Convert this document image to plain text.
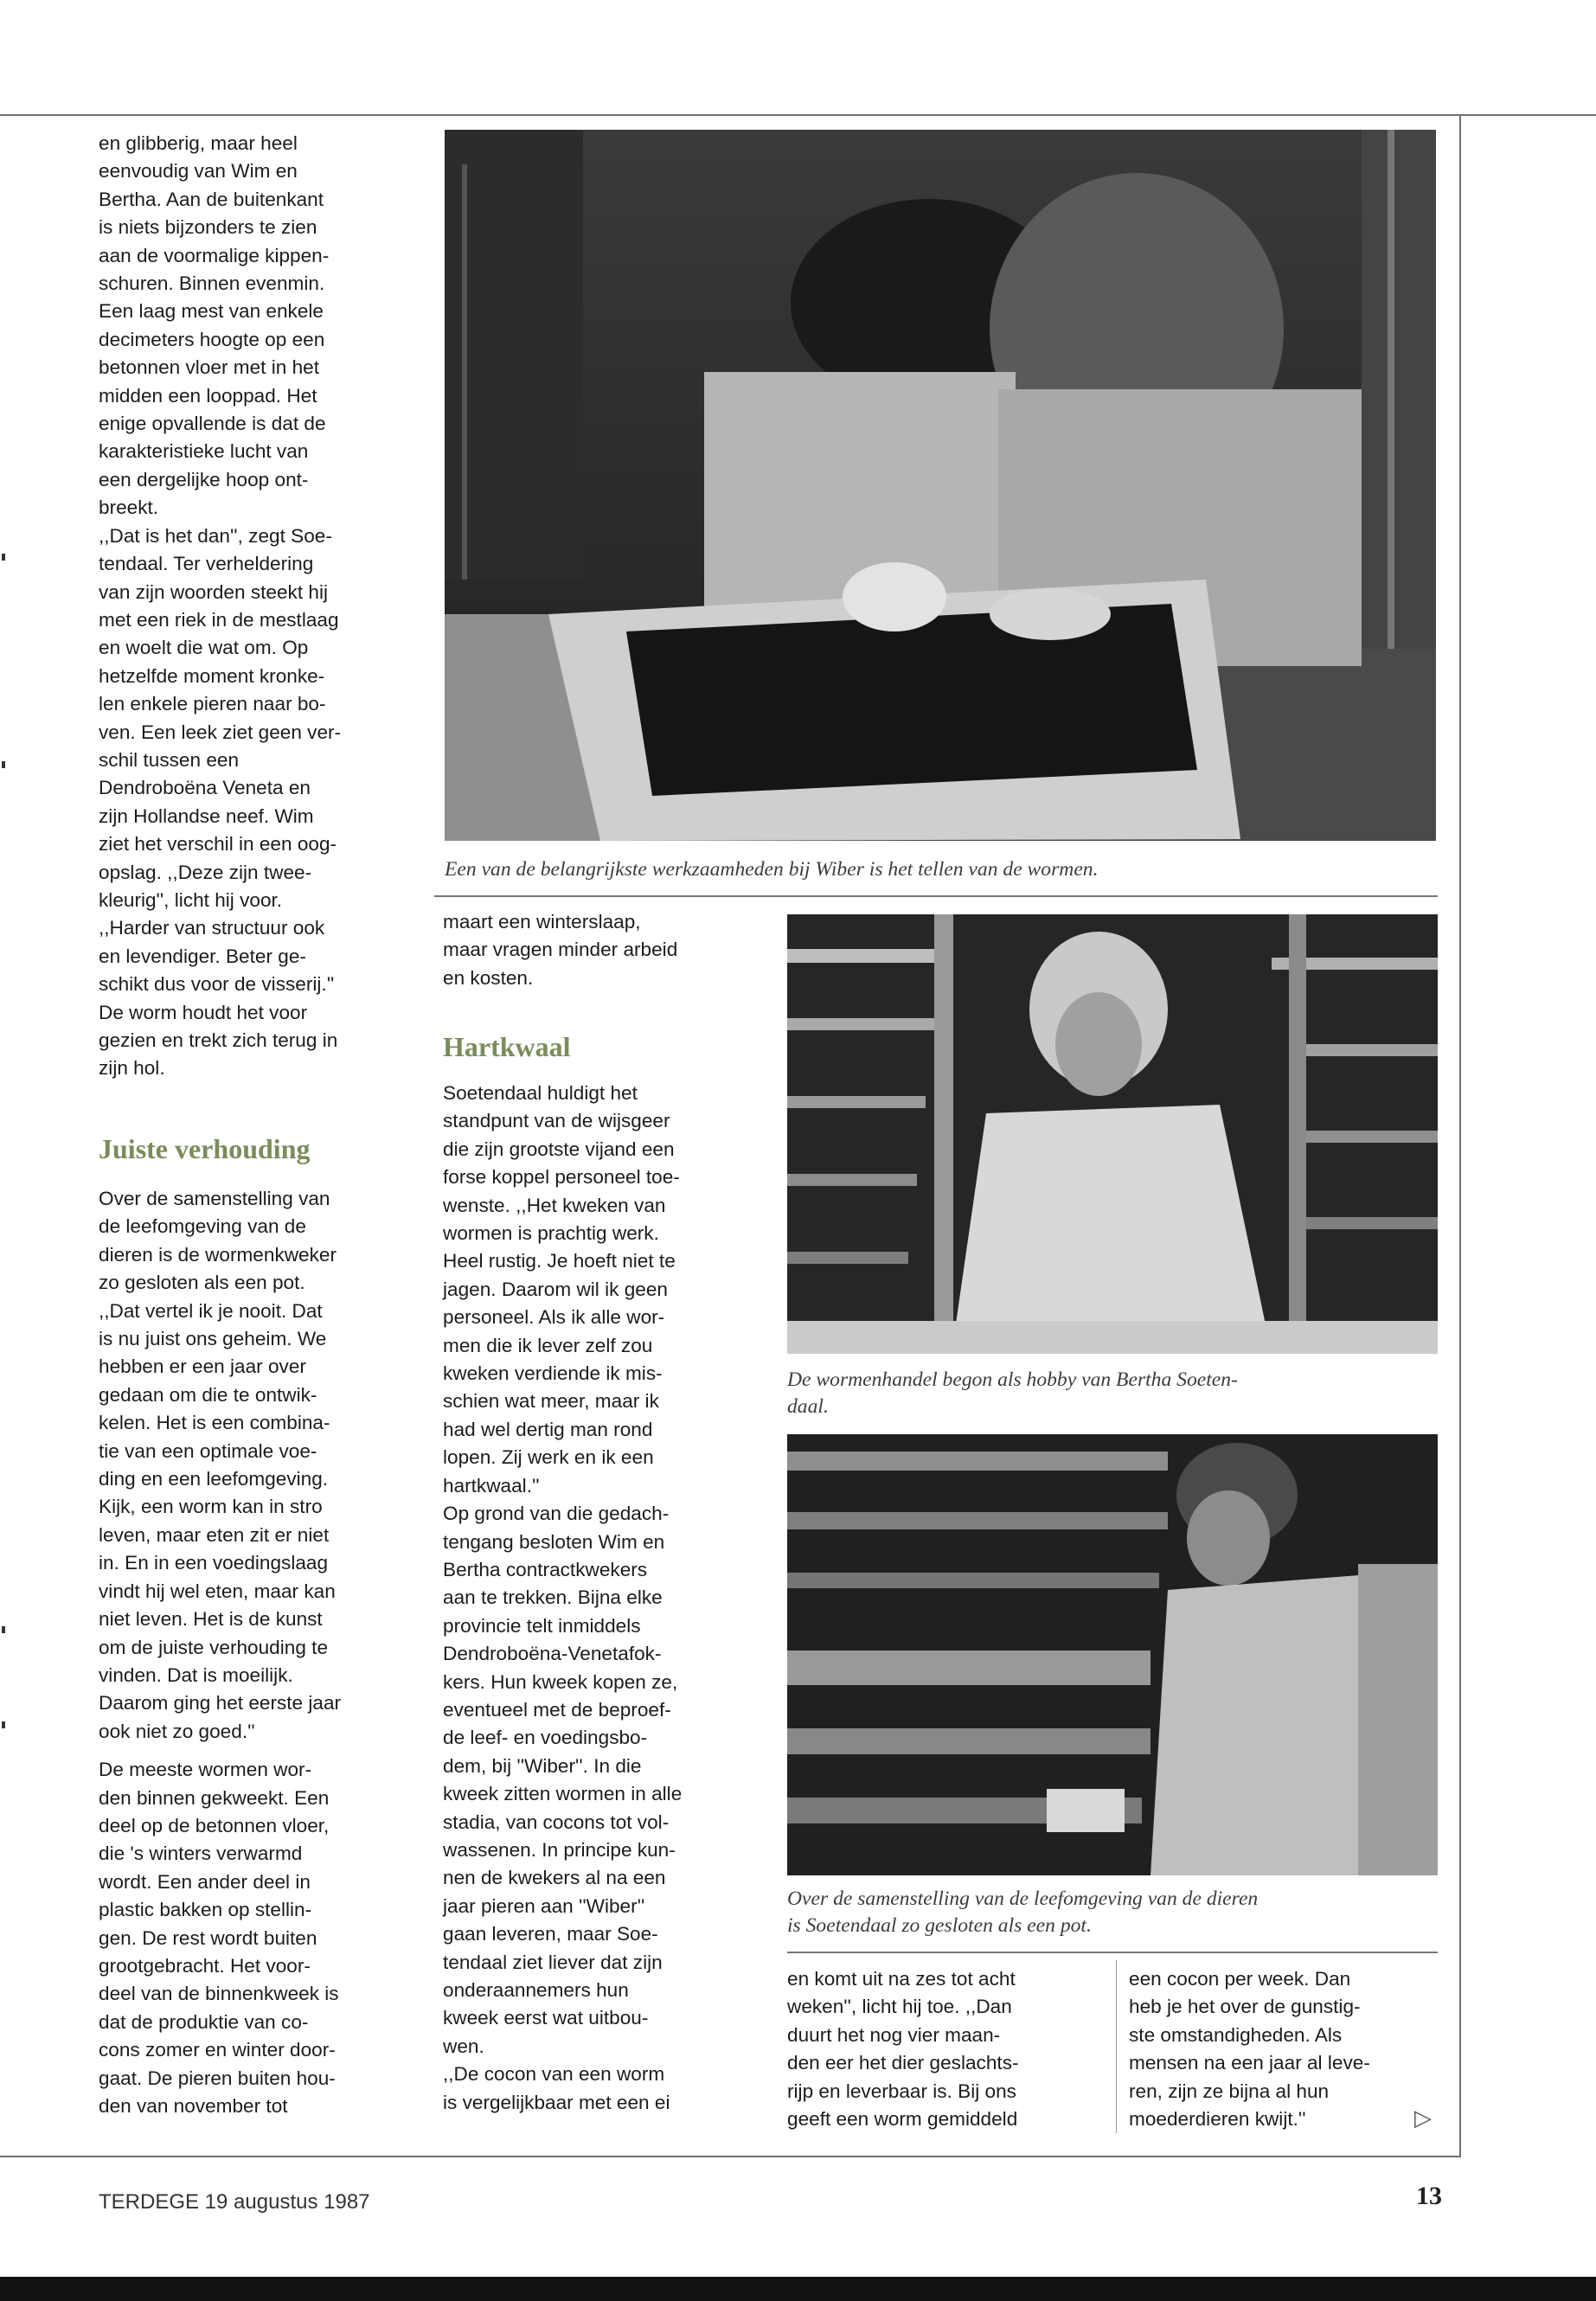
en glibberig, maar heel
eenvoudig van Wim en
Bertha. Aan de buitenkant
is niets bijzonders te zien
aan de voormalige kippen-
schuren. Binnen evenmin.
Een laag mest van enkele
decimeters hoogte op een
betonnen vloer met in het
midden een looppad. Het
enige opvallende is dat de
karakteristieke lucht van
een dergelijke hoop ont-
breekt.
,,Dat is het dan'', zegt Soe-
tendaal. Ter verheldering
van zijn woorden steekt hij
met een riek in de mestlaag
en woelt die wat om. Op
hetzelfde moment kronke-
len enkele pieren naar bo-
ven. Een leek ziet geen ver-
schil tussen een
Dendroboëna Veneta en
zijn Hollandse neef. Wim
ziet het verschil in een oog-
opslag. ,,Deze zijn twee-
kleurig'', licht hij voor.
,,Harder van structuur ook
en levendiger. Beter ge-
schikt dus voor de visserij.''
De worm houdt het voor
gezien en trekt zich terug in
zijn hol.

Juiste verhouding

Over de samenstelling van
de leefomgeving van de
dieren is de wormenkweker
zo gesloten als een pot.
,,Dat vertel ik je nooit. Dat
is nu juist ons geheim. We
hebben er een jaar over
gedaan om die te ontwik-
kelen. Het is een combina-
tie van een optimale voe-
ding en een leefomgeving.
Kijk, een worm kan in stro
leven, maar eten zit er niet
in. En in een voedingslaag
vindt hij wel eten, maar kan
niet leven. Het is de kunst
om de juiste verhouding te
vinden. Dat is moeilijk.
Daarom ging het eerste jaar
ook niet zo goed.''

De meeste wormen wor-
den binnen gekweekt. Een
deel op de betonnen vloer,
die 's winters verwarmd
wordt. Een ander deel in
plastic bakken op stellin-
gen. De rest wordt buiten
grootgebracht. Het voor-
deel van de binnenkweek is
dat de produktie van co-
cons zomer en winter door-
gaat. De pieren buiten hou-
den van november tot

Een van de belangrijkste werkzaamheden bij Wiber is het tellen van de wormen.

maart een winterslaap,
maar vragen minder arbeid
en kosten.

Hartkwaal

Soetendaal huldigt het
standpunt van de wijsgeer
die zijn grootste vijand een
forse koppel personeel toe-
wenste. ,,Het kweken van
wormen is prachtig werk.
Heel rustig. Je hoeft niet te
jagen. Daarom wil ik geen
personeel. Als ik alle wor-
men die ik lever zelf zou
kweken verdiende ik mis-
schien wat meer, maar ik
had wel dertig man rond
lopen. Zij werk en ik een
hartkwaal.''
Op grond van die gedach-
tengang besloten Wim en
Bertha contractkwekers
aan te trekken. Bijna elke
provincie telt inmiddels
Dendroboëna-Venetafok-
kers. Hun kweek kopen ze,
eventueel met de beproef-
de leef- en voedingsbo-
dem, bij ''Wiber''. In die
kweek zitten wormen in alle
stadia, van cocons tot vol-
wassenen. In principe kun-
nen de kwekers al na een
jaar pieren aan ''Wiber''
gaan leveren, maar Soe-
tendaal ziet liever dat zijn
onderaannemers hun
kweek eerst wat uitbou-
wen.
,,De cocon van een worm
is vergelijkbaar met een ei

De wormenhandel begon als hobby van Bertha Soeten-
daal.

Over de samenstelling van de leefomgeving van de dieren
is Soetendaal zo gesloten als een pot.

en komt uit na zes tot acht
weken'', licht hij toe. ,,Dan
duurt het nog vier maan-
den eer het dier geslachts-
rijp en leverbaar is. Bij ons
geeft een worm gemiddeld

een cocon per week. Dan
heb je het over de gunstig-
ste omstandigheden. Als
mensen na een jaar al leve-
ren, zijn ze bijna al hun
moederdieren kwijt.''	▷
TERDEGE 19 augustus 1987	13
